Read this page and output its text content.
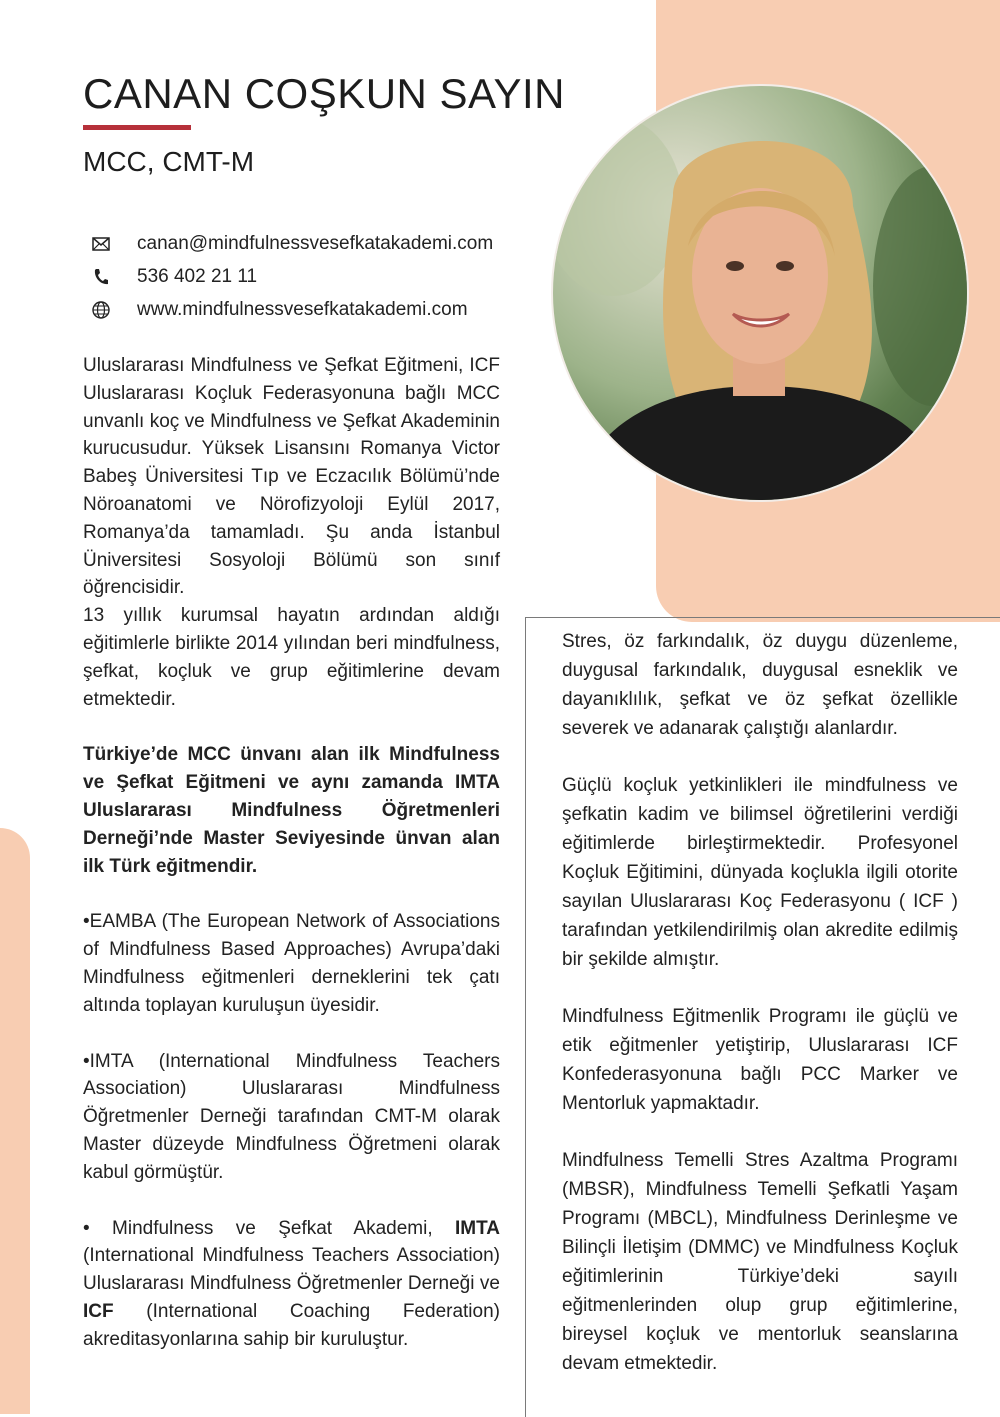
CANAN COŞKUN SAYIN
MCC, CMT-M
canan@mindfulnessvesefkatakademi.com
536 402 21 11
www.mindfulnessvesefkatakademi.com

Uluslararası Mindfulness ve Şefkat Eğitmeni, ICF Uluslararası Koçluk Federasyonuna bağlı MCC unvanlı koç ve Mindfulness ve Şefkat Akademinin kurucusudur. Yüksek Lisansını Romanya Victor Babeş Üniversitesi Tıp ve Eczacılık Bölümü’nde Nöroanatomi ve Nörofizyoloji Eylül 2017, Romanya’da tamamladı. Şu anda İstanbul Üniversitesi Sosyoloji Bölümü son sınıf öğrencisidir.

13 yıllık kurumsal hayatın ardından aldığı eğitimlerle birlikte 2014 yılından beri mindfulness, şefkat, koçluk ve grup eğitimlerine devam etmektedir.

Türkiye’de MCC ünvanı alan ilk Mindfulness ve Şefkat Eğitmeni ve aynı zamanda IMTA Uluslararası Mindfulness Öğretmenleri Derneği’nde Master Seviyesinde ünvan alan ilk Türk eğitmendir.

•EAMBA (The European Network of Associations of Mindfulness Based Approaches) Avrupa’daki Mindfulness eğitmenleri derneklerini tek çatı altında toplayan kuruluşun üyesidir.

•IMTA (International Mindfulness Teachers Association) Uluslararası Mindfulness Öğretmenler Derneği tarafından CMT-M olarak Master düzeyde Mindfulness Öğretmeni olarak kabul görmüştür.

• Mindfulness ve Şefkat Akademi, IMTA (International Mindfulness Teachers Association) Uluslararası Mindfulness Öğretmenler Derneği ve ICF (International Coaching Federation) akreditasyonlarına sahip bir kuruluştur.

Stres, öz farkındalık, öz duygu düzenleme, duygusal farkındalık, duygusal esneklik ve dayanıklılık, şefkat ve öz şefkat özellikle severek ve adanarak çalıştığı alanlardır.

Güçlü koçluk yetkinlikleri ile mindfulness ve şefkatin kadim ve bilimsel öğretilerini verdiği eğitimlerde birleştirmektedir. Profesyonel Koçluk Eğitimini, dünyada koçlukla ilgili otorite sayılan Uluslararası Koç Federasyonu ( ICF ) tarafından yetkilendirilmiş olan akredite edilmiş bir şekilde almıştır.

Mindfulness Eğitmenlik Programı ile güçlü ve etik eğitmenler yetiştirip, Uluslararası ICF Konfederasyonuna bağlı PCC Marker ve Mentorluk yapmaktadır.

Mindfulness Temelli Stres Azaltma Programı (MBSR), Mindfulness Temelli Şefkatli Yaşam Programı (MBCL), Mindfulness Derinleşme ve Bilinçli İletişim (DMMC) ve Mindfulness Koçluk eğitimlerinin Türkiye’deki sayılı eğitmenlerinden olup grup eğitimlerine, bireysel koçluk ve mentorluk seanslarına devam etmektedir.
